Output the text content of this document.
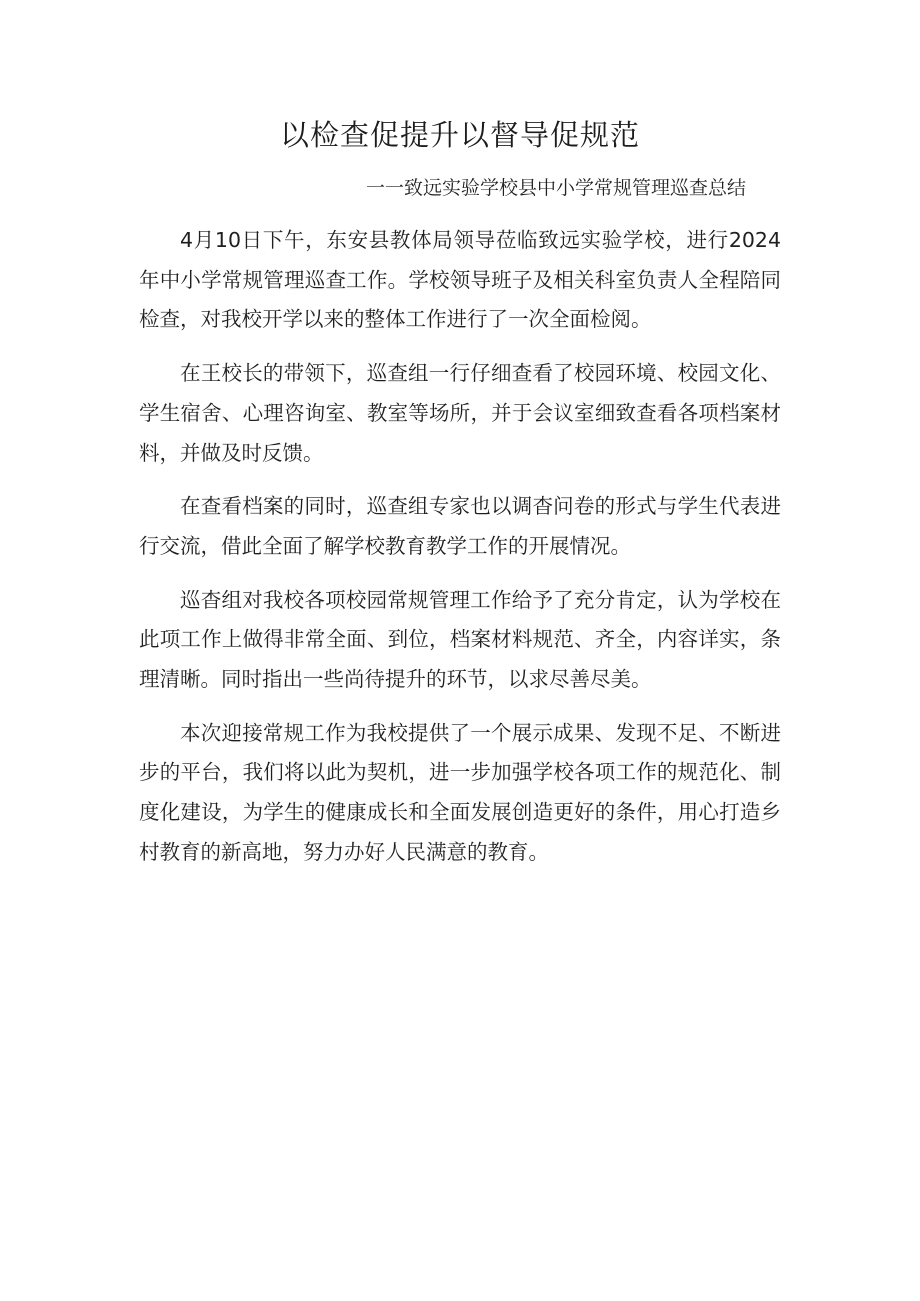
以检查促提升以督导促规范
一一致远实验学校县中小学常规管理巡查总结

4月10日下午，东安县教体局领导莅临致远实验学校，进行2024年中小学常规管理巡查工作。学校领导班子及相关科室负责人全程陪同检查，对我校开学以来的整体工作进行了一次全面检阅。

在王校长的带领下，巡查组一行仔细查看了校园环境、校园文化、学生宿舍、心理咨询室、教室等场所，并于会议室细致查看各项档案材料，并做及时反馈。

在查看档案的同时，巡查组专家也以调杳问卷的形式与学生代表进行交流，借此全面了解学校教育教学工作的开展情况。

巡杳组对我校各项校园常规管理工作给予了充分肯定，认为学校在此项工作上做得非常全面、到位，档案材料规范、齐全，内容详实，条理清晰。同时指出一些尚待提升的环节，以求尽善尽美。

本次迎接常规工作为我校提供了一个展示成果、发现不足、不断进步的平台，我们将以此为契机，进一步加强学校各项工作的规范化、制度化建设，为学生的健康成长和全面发展创造更好的条件，用心打造乡村教育的新高地，努力办好人民满意的教育。
